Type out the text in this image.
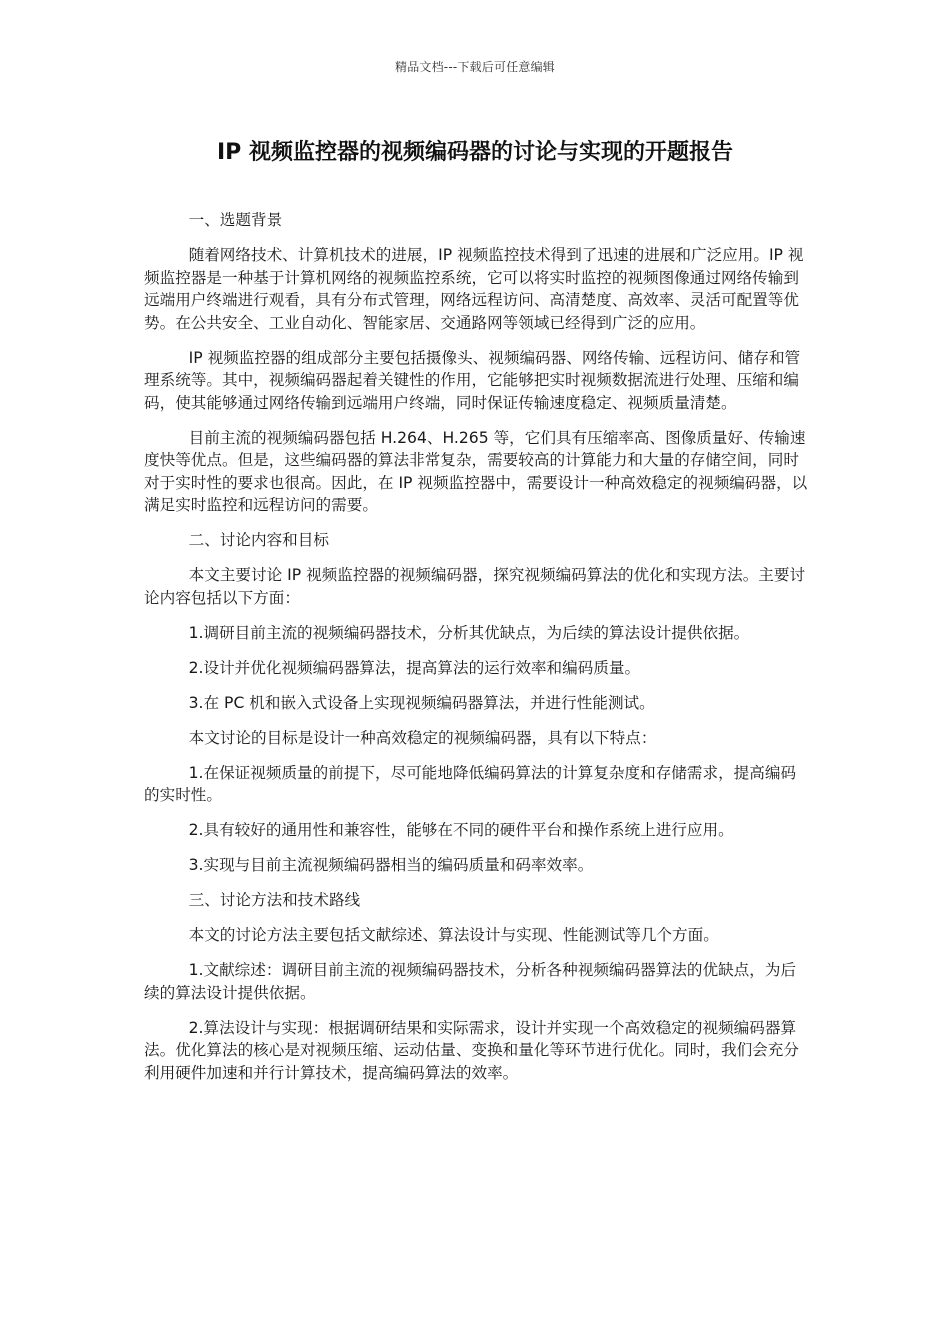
精品文档---下载后可任意编辑
IP 视频监控器的视频编码器的讨论与实现的开题报告

一、选题背景

随着网络技术、计算机技术的进展，IP 视频监控技术得到了迅速的进展和广泛应用。IP 视频监控器是一种基于计算机网络的视频监控系统，它可以将实时监控的视频图像通过网络传输到远端用户终端进行观看，具有分布式管理，网络远程访问、高清楚度、高效率、灵活可配置等优势。在公共安全、工业自动化、智能家居、交通路网等领域已经得到广泛的应用。

IP 视频监控器的组成部分主要包括摄像头、视频编码器、网络传输、远程访问、储存和管理系统等。其中，视频编码器起着关键性的作用，它能够把实时视频数据流进行处理、压缩和编码，使其能够通过网络传输到远端用户终端，同时保证传输速度稳定、视频质量清楚。

目前主流的视频编码器包括 H.264、H.265 等，它们具有压缩率高、图像质量好、传输速度快等优点。但是，这些编码器的算法非常复杂，需要较高的计算能力和大量的存储空间，同时对于实时性的要求也很高。因此，在 IP 视频监控器中，需要设计一种高效稳定的视频编码器，以满足实时监控和远程访问的需要。

二、讨论内容和目标

本文主要讨论 IP 视频监控器的视频编码器，探究视频编码算法的优化和实现方法。主要讨论内容包括以下方面：

1.调研目前主流的视频编码器技术，分析其优缺点，为后续的算法设计提供依据。

2.设计并优化视频编码器算法，提高算法的运行效率和编码质量。

3.在 PC 机和嵌入式设备上实现视频编码器算法，并进行性能测试。

本文讨论的目标是设计一种高效稳定的视频编码器，具有以下特点：

1.在保证视频质量的前提下，尽可能地降低编码算法的计算复杂度和存储需求，提高编码的实时性。

2.具有较好的通用性和兼容性，能够在不同的硬件平台和操作系统上进行应用。

3.实现与目前主流视频编码器相当的编码质量和码率效率。

三、讨论方法和技术路线

本文的讨论方法主要包括文献综述、算法设计与实现、性能测试等几个方面。

1.文献综述：调研目前主流的视频编码器技术，分析各种视频编码器算法的优缺点，为后续的算法设计提供依据。

2.算法设计与实现：根据调研结果和实际需求，设计并实现一个高效稳定的视频编码器算法。优化算法的核心是对视频压缩、运动估量、变换和量化等环节进行优化。同时，我们会充分利用硬件加速和并行计算技术，提高编码算法的效率。
